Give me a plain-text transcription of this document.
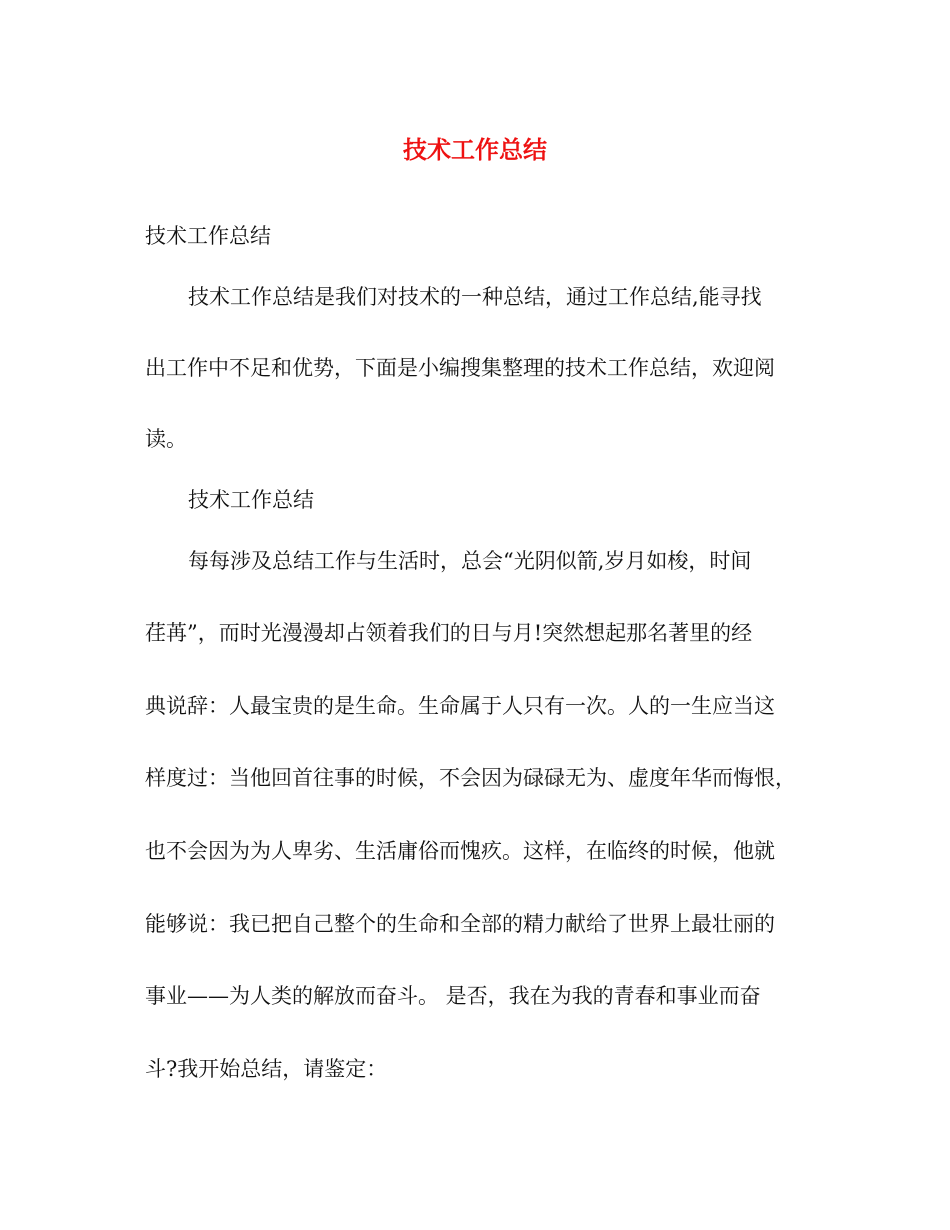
技术工作总结

技术工作总结

技术工作总结是我们对技术的一种总结，通过工作总结,能寻找

出工作中不足和优势，下面是小编搜集整理的技术工作总结，欢迎阅

读。

技术工作总结

每每涉及总结工作与生活时，总会“光阴似箭,岁月如梭，时间

荏苒”，而时光漫漫却占领着我们的日与月!突然想起那名著里的经

典说辞：人最宝贵的是生命。生命属于人只有一次。人的一生应当这

样度过：当他回首往事的时候，不会因为碌碌无为、虚度年华而悔恨，

也不会因为为人卑劣、生活庸俗而愧疚。这样，在临终的时候，他就

能够说：我已把自己整个的生命和全部的精力献给了世界上最壮丽的

事业——为人类的解放而奋斗。 是否，我在为我的青春和事业而奋

斗?我开始总结，请鉴定：
